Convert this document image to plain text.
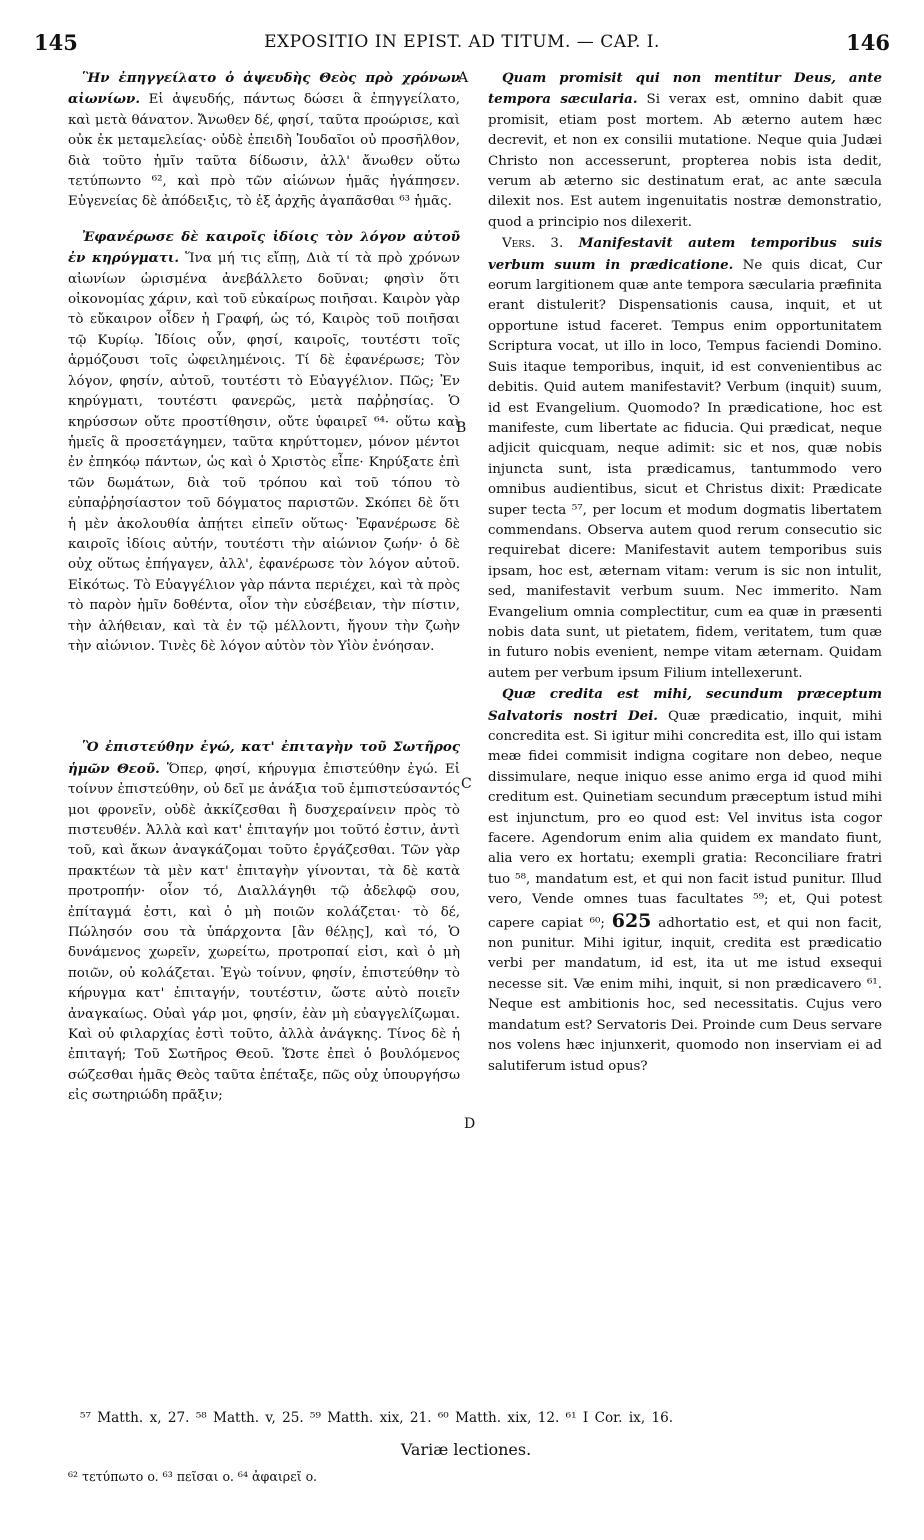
145	EXPOSITIO IN EPIST. AD TITUM. — CAP. I.	146

Ἣν ἐπηγγείλατο ὁ ἀψευδὴς Θεὸς πρὸ χρόνων αἰωνίων. Εἰ ἀψευδής, πάντως δώσει ἃ ἐπηγγείλατο, καὶ μετὰ θάνατον. Ἄνωθεν δέ, φησί, ταῦτα προώρισε, καὶ οὐκ ἐκ μεταμελείας· οὐδὲ ἐπειδὴ Ἰουδαῖοι οὐ προσῆλθον, διὰ τοῦτο ἡμῖν ταῦτα δίδωσιν, ἀλλ' ἄνωθεν οὕτω τετύπωντο ⁶², καὶ πρὸ τῶν αἰώνων ἡμᾶς ἠγάπησεν. Εὐγενείας δὲ ἀπόδειξις, τὸ ἐξ ἀρχῆς ἀγαπᾶσθαι ⁶³ ἡμᾶς.

Ἐφανέρωσε δὲ καιροῖς ἰδίοις τὸν λόγον αὐτοῦ ἐν κηρύγματι. Ἵνα μή τις εἴπῃ, Διὰ τί τὰ πρὸ χρόνων αἰωνίων ὡρισμένα ἀνεβάλλετο δοῦναι; φησὶν ὅτι οἰκονομίας χάριν, καὶ τοῦ εὐκαίρως ποιῆσαι. Καιρὸν γὰρ τὸ εὔκαιρον οἶδεν ἡ Γραφή, ὡς τό, Καιρὸς τοῦ ποιῆσαι τῷ Κυρίῳ. Ἰδίοις οὖν, φησί, καιροῖς, τουτέστι τοῖς ἁρμόζουσι τοῖς ὠφειλημένοις. Τί δὲ ἐφανέρωσε; Τὸν λόγον, φησίν, αὐτοῦ, τουτέστι τὸ Εὐαγγέλιον. Πῶς; Ἐν κηρύγματι, τουτέστι φανερῶς, μετὰ παῤῥησίας. Ὁ κηρύσσων οὔτε προστίθησιν, οὔτε ὑφαιρεῖ ⁶⁴· οὕτω καὶ ἡμεῖς ἃ προσετάγημεν, ταῦτα κηρύττομεν, μόνον μέντοι ἐν ἐπηκόῳ πάντων, ὡς καὶ ὁ Χριστὸς εἶπε· Κηρύξατε ἐπὶ τῶν δωμάτων, διὰ τοῦ τρόπου καὶ τοῦ τόπου τὸ εὐπαῤῥησίαστον τοῦ δόγματος παριστῶν. Σκόπει δὲ ὅτι ἡ μὲν ἀκολουθία ἀπῄτει εἰπεῖν οὕτως· Ἐφανέρωσε δὲ καιροῖς ἰδίοις αὐτήν, τουτέστι τὴν αἰώνιον ζωήν· ὁ δὲ οὐχ οὕτως ἐπήγαγεν, ἀλλ', ἐφανέρωσε τὸν λόγον αὐτοῦ. Εἰκότως. Τὸ Εὐαγγέλιον γὰρ πάντα περιέχει, καὶ τὰ πρὸς τὸ παρὸν ἡμῖν δοθέντα, οἷον τὴν εὐσέβειαν, τὴν πίστιν, τὴν ἀλήθειαν, καὶ τὰ ἐν τῷ μέλλοντι, ἤγουν τὴν ζωὴν τὴν αἰώνιον. Τινὲς δὲ λόγον αὐτὸν τὸν Υἱὸν ἐνόησαν.

Ὃ ἐπιστεύθην ἐγώ, κατ' ἐπιταγὴν τοῦ Σωτῆρος ἡμῶν Θεοῦ. Ὅπερ, φησί, κήρυγμα ἐπιστεύθην ἐγώ. Εἰ τοίνυν ἐπιστεύθην, οὐ δεῖ με ἀνάξια τοῦ ἐμπιστεύσαντός μοι φρονεῖν, οὐδὲ ἀκκίζεσθαι ἢ δυσχεραίνειν πρὸς τὸ πιστευθέν. Ἀλλὰ καὶ κατ' ἐπιταγήν μοι τοῦτό ἐστιν, ἀντὶ τοῦ, καὶ ἄκων ἀναγκάζομαι τοῦτο ἐργάζεσθαι. Τῶν γὰρ πρακτέων τὰ μὲν κατ' ἐπιταγὴν γίνονται, τὰ δὲ κατὰ προτροπήν· οἷον τό, Διαλλάγηθι τῷ ἀδελφῷ σου, ἐπίταγμά ἐστι, καὶ ὁ μὴ ποιῶν κολάζεται· τὸ δέ, Πώλησόν σου τὰ ὑπάρχοντα [ἂν θέλῃς], καὶ τό, Ὁ δυνάμενος χωρεῖν, χωρείτω, προτροπαί εἰσι, καὶ ὁ μὴ ποιῶν, οὐ κολάζεται. Ἐγὼ τοίνυν, φησίν, ἐπιστεύθην τὸ κήρυγμα κατ' ἐπιταγήν, τουτέστιν, ὥστε αὐτὸ ποιεῖν ἀναγκαίως. Οὐαὶ γάρ μοι, φησίν, ἐὰν μὴ εὐαγγελίζωμαι. Καὶ οὐ φιλαρχίας ἐστὶ τοῦτο, ἀλλὰ ἀνάγκης. Τίνος δὲ ἡ ἐπιταγή; Τοῦ Σωτῆρος Θεοῦ. Ὥστε ἐπεὶ ὁ βουλόμενος σώζεσθαι ἡμᾶς Θεὸς ταῦτα ἐπέταξε, πῶς οὐχ ὑπουργήσω εἰς σωτηριώδη πρᾶξιν;

Quam promisit qui non mentitur Deus, ante tempora sæcularia. Si verax est, omnino dabit quæ promisit, etiam post mortem. Ab æterno autem hæc decrevit, et non ex consilii mutatione. Neque quia Judæi Christo non accesserunt, propterea nobis ista dedit, verum ab æterno sic destinatum erat, ac ante sæcula dilexit nos. Est autem ingenuitatis nostræ demonstratio, quod a principio nos dilexerit.

Vers. 3. Manifestavit autem temporibus suis verbum suum in prædicatione. Ne quis dicat, Cur eorum largitionem quæ ante tempora sæcularia præfinita erant distulerit? Dispensationis causa, inquit, et ut opportune istud faceret. Tempus enim opportunitatem Scriptura vocat, ut illo in loco, Tempus faciendi Domino. Suis itaque temporibus, inquit, id est convenientibus ac debitis. Quid autem manifestavit? Verbum (inquit) suum, id est Evangelium. Quomodo? In prædicatione, hoc est manifeste, cum libertate ac fiducia. Qui prædicat, neque adjicit quicquam, neque adimit: sic et nos, quæ nobis injuncta sunt, ista prædicamus, tantummodo vero omnibus audientibus, sicut et Christus dixit: Prædicate super tecta ⁵⁷, per locum et modum dogmatis libertatem commendans. Observa autem quod rerum consecutio sic requirebat dicere: Manifestavit autem temporibus suis ipsam, hoc est, æternam vitam: verum is sic non intulit, sed, manifestavit verbum suum. Nec immerito. Nam Evangelium omnia complectitur, cum ea quæ in præsenti nobis data sunt, ut pietatem, fidem, veritatem, tum quæ in futuro nobis evenient, nempe vitam æternam. Quidam autem per verbum ipsum Filium intellexerunt.

Quæ credita est mihi, secundum præceptum Salvatoris nostri Dei. Quæ prædicatio, inquit, mihi concredita est. Si igitur mihi concredita est, illo qui istam meæ fidei commisit indigna cogitare non debeo, neque dissimulare, neque iniquo esse animo erga id quod mihi creditum est. Quinetiam secundum præceptum istud mihi est injunctum, pro eo quod est: Vel invitus ista cogor facere. Agendorum enim alia quidem ex mandato fiunt, alia vero ex hortatu; exempli gratia: Reconciliare fratri tuo ⁵⁸, mandatum est, et qui non facit istud punitur. Illud vero, Vende omnes tuas facultates ⁵⁹; et, Qui potest capere capiat ⁶⁰; 625 adhortatio est, et qui non facit, non punitur. Mihi igitur, inquit, credita est prædicatio verbi per mandatum, id est, ita ut me istud exsequi necesse sit. Væ enim mihi, inquit, si non prædicavero ⁶¹. Neque est ambitionis hoc, sed necessitatis. Cujus vero mandatum est? Servatoris Dei. Proinde cum Deus servare nos volens hæc injunxerit, quomodo non inserviam ei ad salutiferum istud opus?

A
B
C
D
⁵⁷ Matth. x, 27. ⁵⁸ Matth. v, 25. ⁵⁹ Matth. xix, 21. ⁶⁰ Matth. xix, 12. ⁶¹ I Cor. ix, 16.
Variæ lectiones.
⁶² τετύπωτο o. ⁶³ πεῖσαι o. ⁶⁴ ἀφαιρεῖ o.
